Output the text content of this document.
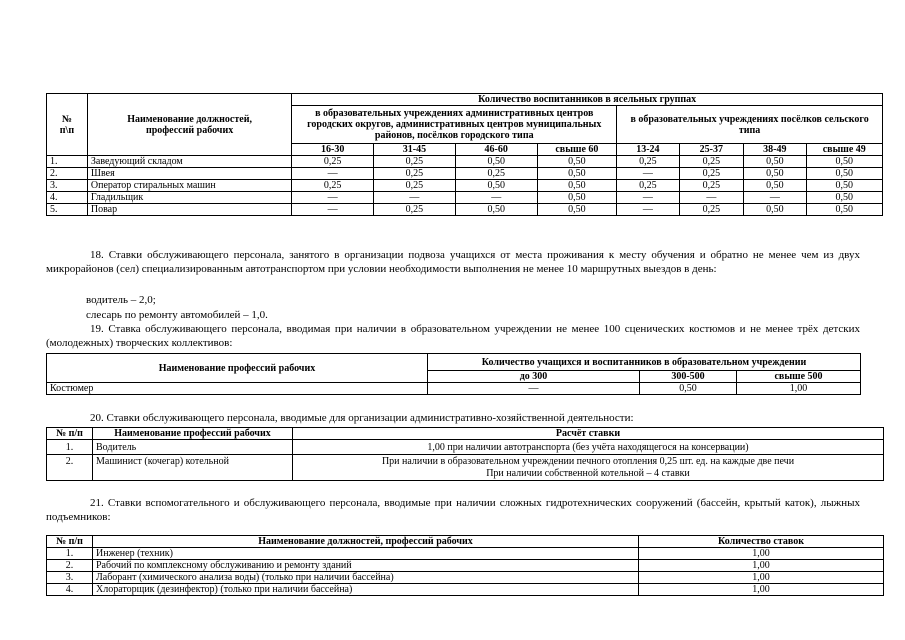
№
п\п	Наименование должностей,
профессий рабочих	Количество воспитанников в ясельных группах							
		в образовательных учреждениях административных центров городских округов, административных центров муниципальных районов, посёлков городского типа				в образовательных учреждениях посёлков сельского типа			
		16-30	31-45	46-60	свыше 60	13-24	25-37	38-49	свыше 49
1.	Заведующий складом	0,25	0,25	0,50	0,50	0,25	0,25	0,50	0,50
2.	Швея	—	0,25	0,25	0,50	—	0,25	0,50	0,50
3.	Оператор стиральных машин	0,25	0,25	0,50	0,50	0,25	0,25	0,50	0,50
4.	Гладильщик	—	—	—	0,50	—	—	—	0,50
5.	Повар	—	0,25	0,50	0,50	—	0,25	0,50	0,50
18. Ставки обслуживающего персонала, занятого в организации подвоза учащихся от места проживания к месту обучения и обратно не менее чем из двух микрорайонов (сел) специализированным автотранспортом при условии необходимости выполнения не менее 10 маршрутных выездов в день:
водитель – 2,0;
слесарь по ремонту автомобилей – 1,0.
19. Ставка обслуживающего персонала, вводимая при наличии в образовательном учреждении не менее 100 сценических костюмов и не менее трёх детских (молодежных) творческих коллективов:
Наименование профессий рабочих	Количество учащихся и воспитанников в образовательном учреждении		
	до 300	300-500	свыше 500
Костюмер	—	0,50	1,00
20. Ставки обслуживающего персонала, вводимые для организации административно-хозяйственной деятельности:
№ п/п	Наименование профессий рабочих	Расчёт ставки
1.	Водитель	1,00 при наличии автотранспорта (без учёта находящегося на консервации)
2.	Машинист (кочегар) котельной	При наличии в образовательном учреждении печного отопления 0,25 шт. ед. на каждые две печи
При наличии собственной котельной – 4 ставки
21. Ставки вспомогательного и обслуживающего персонала, вводимые при наличии сложных гидротехнических сооружений (бассейн, крытый каток), лыжных подъемников:
№ п/п	Наименование должностей, профессий рабочих	Количество ставок
1.	Инженер (техник)	1,00
2.	Рабочий по комплексному обслуживанию и ремонту зданий	1,00
3.	Лаборант (химического анализа воды) (только при наличии бассейна)	1,00
4.	Хлораторщик (дезинфектор) (только при наличии бассейна)	1,00
